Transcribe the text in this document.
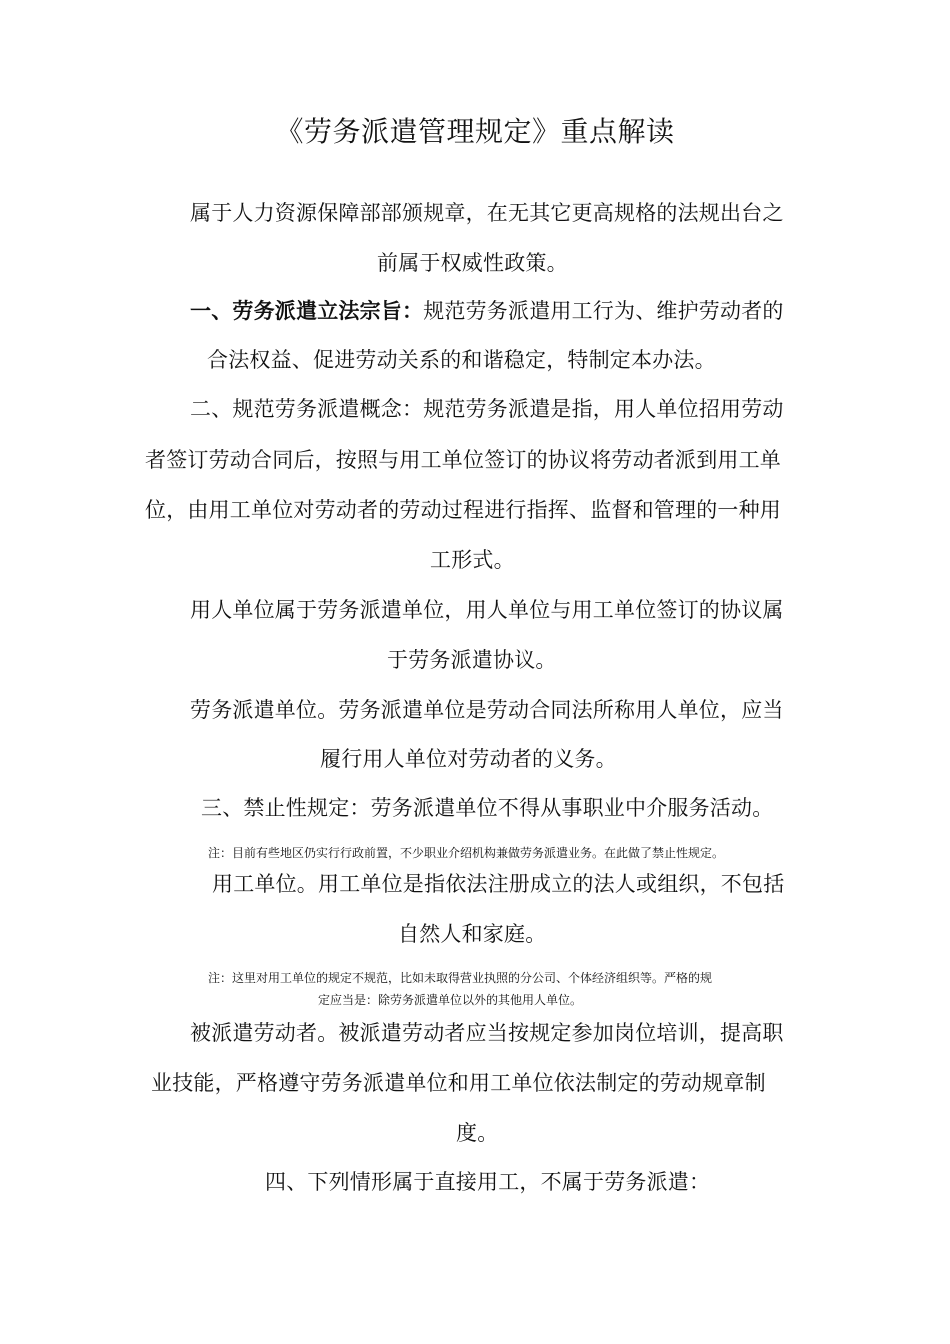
《劳务派遣管理规定》重点解读
属于人力资源保障部部颁规章，在无其它更高规格的法规出台之
前属于权威性政策。
一、劳务派遣立法宗旨：规范劳务派遣用工行为、维护劳动者的
合法权益、促进劳动关系的和谐稳定，特制定本办法。
二、规范劳务派遣概念：规范劳务派遣是指，用人单位招用劳动
者签订劳动合同后，按照与用工单位签订的协议将劳动者派到用工单
位，由用工单位对劳动者的劳动过程进行指挥、监督和管理的一种用
工形式。
用人单位属于劳务派遣单位，用人单位与用工单位签订的协议属
于劳务派遣协议。
劳务派遣单位。劳务派遣单位是劳动合同法所称用人单位，应当
履行用人单位对劳动者的义务。
三、禁止性规定：劳务派遣单位不得从事职业中介服务活动。
注：目前有些地区仍实行行政前置，不少职业介绍机构兼做劳务派遣业务。在此做了禁止性规定。
用工单位。用工单位是指依法注册成立的法人或组织，不包括
自然人和家庭。
注：这里对用工单位的规定不规范，比如未取得营业执照的分公司、个体经济组织等。严格的规
定应当是：除劳务派遣单位以外的其他用人单位。
被派遣劳动者。被派遣劳动者应当按规定参加岗位培训，提高职
业技能，严格遵守劳务派遣单位和用工单位依法制定的劳动规章制
度。
四、下列情形属于直接用工，不属于劳务派遣：
